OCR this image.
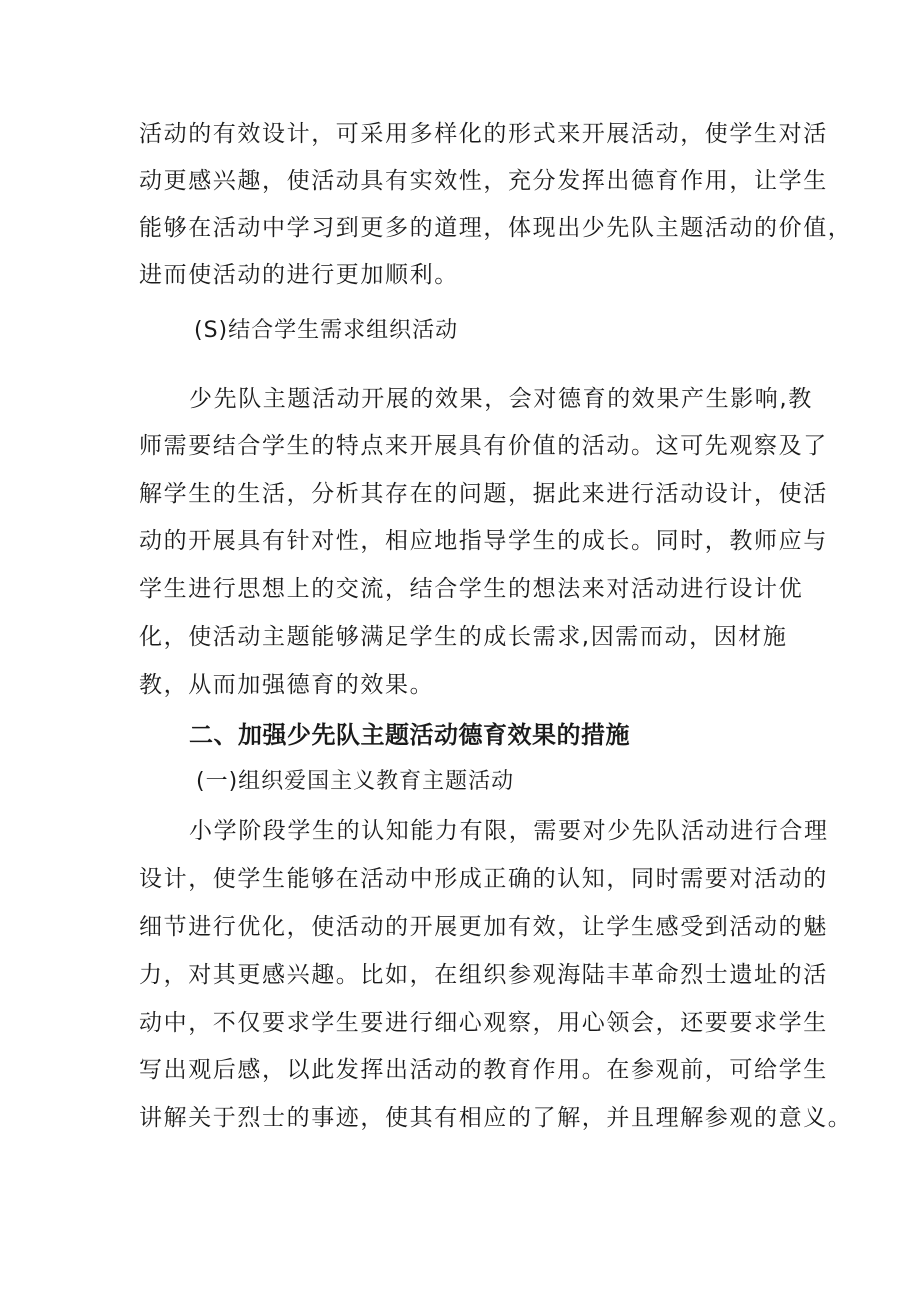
活动的有效设计，可采用多样化的形式来开展活动，使学生对活
动更感兴趣，使活动具有实效性，充分发挥出德育作用，让学生
能够在活动中学习到更多的道理，体现出少先队主题活动的价值，
进而使活动的进行更加顺利。
(S)结合学生需求组织活动
少先队主题活动开展的效果，会对德育的效果产生影响,教
师需要结合学生的特点来开展具有价值的活动。这可先观察及了
解学生的生活，分析其存在的问题，据此来进行活动设计，使活
动的开展具有针对性，相应地指导学生的成长。同时，教师应与
学生进行思想上的交流，结合学生的想法来对活动进行设计优
化，使活动主题能够满足学生的成长需求,因需而动，因材施
教，从而加强德育的效果。
二、加强少先队主题活动德育效果的措施
(一)组织爱国主义教育主题活动
小学阶段学生的认知能力有限，需要对少先队活动进行合理
设计，使学生能够在活动中形成正确的认知，同时需要对活动的
细节进行优化，使活动的开展更加有效，让学生感受到活动的魅
力，对其更感兴趣。比如，在组织参观海陆丰革命烈士遗址的活
动中，不仅要求学生要进行细心观察，用心领会，还要要求学生
写出观后感，以此发挥出活动的教育作用。在参观前，可给学生
讲解关于烈士的事迹，使其有相应的了解，并且理解参观的意义。
